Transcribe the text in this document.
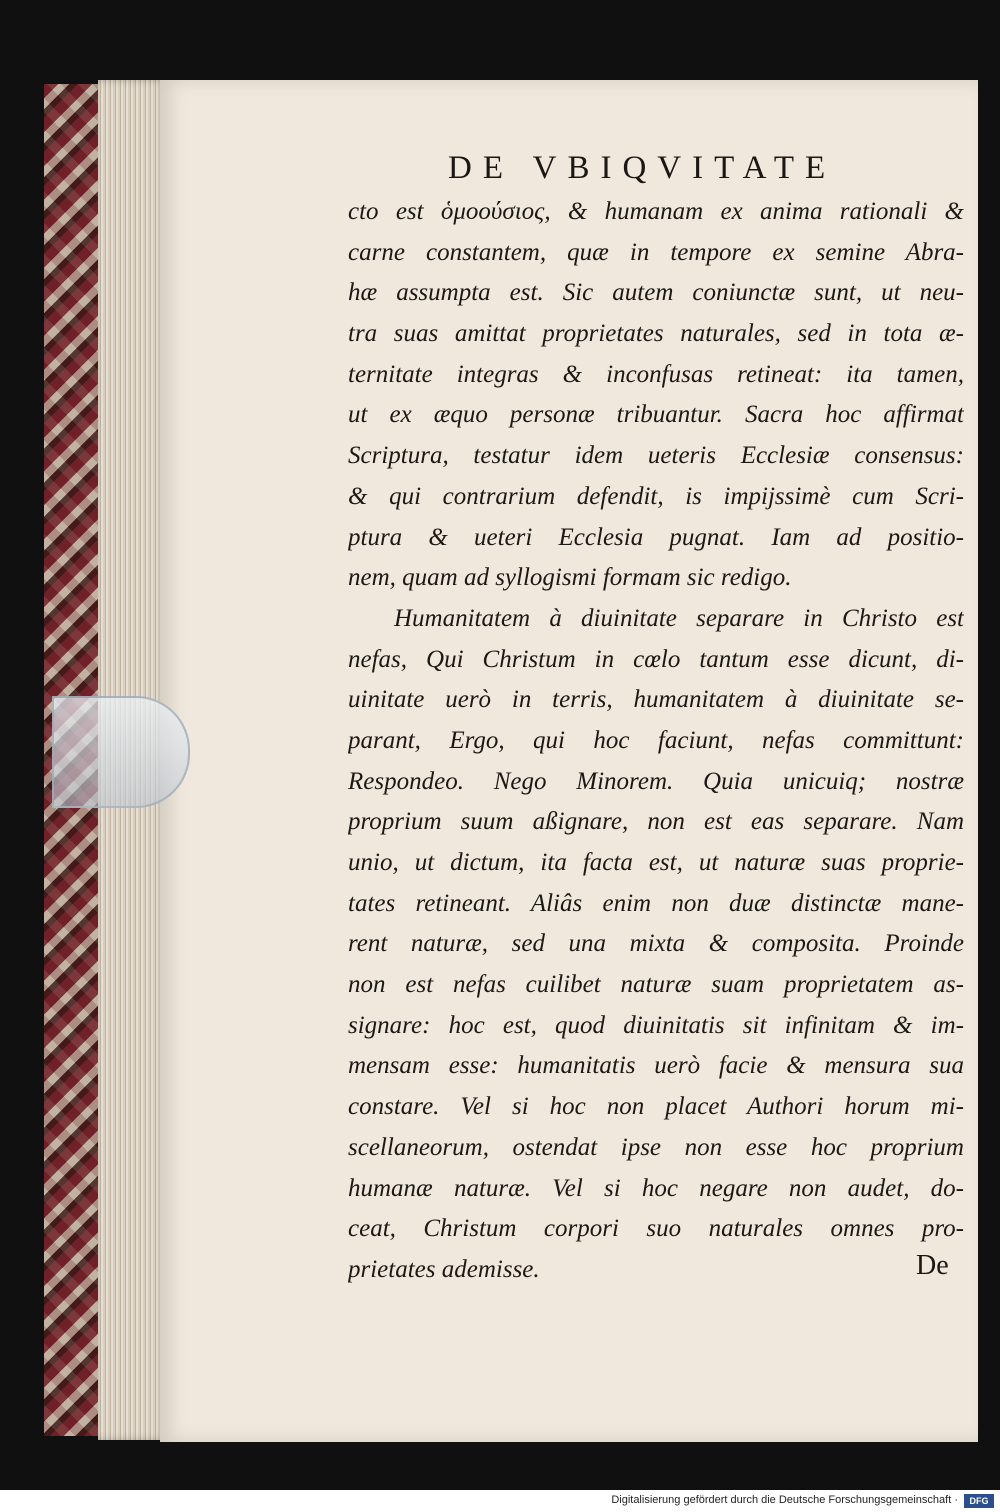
DE VBIQVITATE
cto est ὁμοούσιος, & humanam ex anima rationali &
carne constantem, quæ in tempore ex semine Abra-
hæ assumpta est. Sic autem coniunctæ sunt, ut neu-
tra suas amittat proprietates naturales, sed in tota æ-
ternitate integras & inconfusas retineat: ita tamen,
ut ex æquo personæ tribuantur. Sacra hoc affirmat
Scriptura, testatur idem ueteris Ecclesiæ consensus:
& qui contrarium defendit, is impijssimè cum Scri-
ptura & ueteri Ecclesia pugnat. Iam ad positio-
nem, quam ad syllogismi formam sic redigo.
Humanitatem à diuinitate separare in Christo est
nefas, Qui Christum in cœlo tantum esse dicunt, di-
uinitate uerò in terris, humanitatem à diuinitate se-
parant, Ergo, qui hoc faciunt, nefas committunt:
Respondeo. Nego Minorem. Quia unicuiq; nostræ
proprium suum aßignare, non est eas separare. Nam
unio, ut dictum, ita facta est, ut naturæ suas proprie-
tates retineant. Aliâs enim non duæ distinctæ mane-
rent naturæ, sed una mixta & composita. Proinde
non est nefas cuilibet naturæ suam proprietatem as-
signare: hoc est, quod diuinitatis sit infinitam & im-
mensam esse: humanitatis uerò facie & mensura sua
constare. Vel si hoc non placet Authori horum mi-
scellaneorum, ostendat ipse non esse hoc proprium
humanæ naturæ. Vel si hoc negare non audet, do-
ceat, Christum corpori suo naturales omnes pro-
prietates ademisse.	De
Digitalisierung gefördert durch die Deutsche Forschungsgemeinschaft ·	DFG
